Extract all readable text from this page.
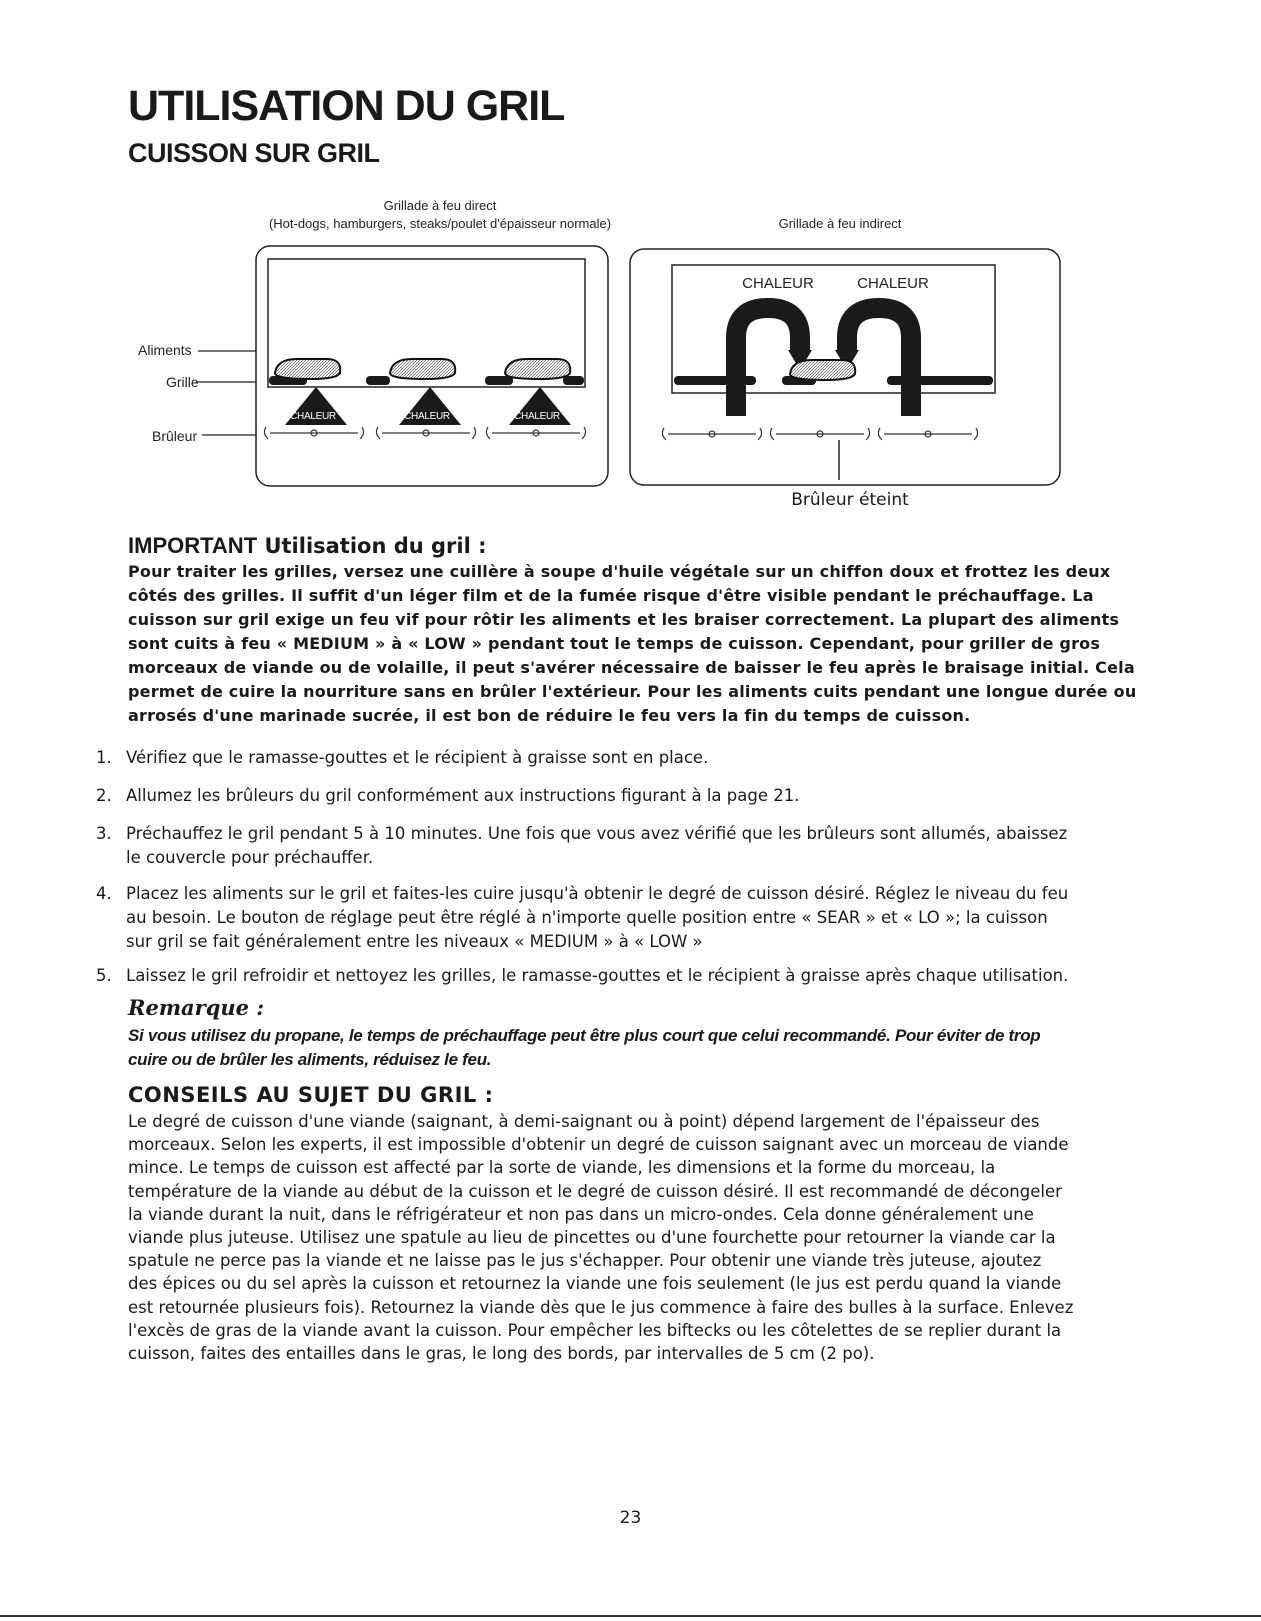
UTILISATION DU GRIL
CUISSON SUR GRIL
Grillade à feu direct
(Hot-dogs, hamburgers, steaks/poulet d'épaisseur normale)	Grillade à feu indirect
CHALEUR	CHALEUR	CHALEUR
Aliments
Grille
Brûleur
CHALEUR	CHALEUR
Brûleur éteint
IMPORTANT Utilisation du gril :

Pour traiter les grilles, versez une cuillère à soupe d'huile végétale sur un chiffon doux et frottez les deux

côtés des grilles. Il suffit d'un léger film et de la fumée risque d'être visible pendant le préchauffage. La

cuisson sur gril exige un feu vif pour rôtir les aliments et les braiser correctement. La plupart des aliments

sont cuits à feu « MEDIUM » à « LOW » pendant tout le temps de cuisson. Cependant, pour griller de gros

morceaux de viande ou de volaille, il peut s'avérer nécessaire de baisser le feu après le braisage initial. Cela

permet de cuire la nourriture sans en brûler l'extérieur. Pour les aliments cuits pendant une longue durée ou

arrosés d'une marinade sucrée, il est bon de réduire le feu vers la fin du temps de cuisson.

1. Vérifiez que le ramasse-gouttes et le récipient à graisse sont en place.
2. Allumez les brûleurs du gril conformément aux instructions figurant à la page 21.
3. Préchauffez le gril pendant 5 à 10 minutes. Une fois que vous avez vérifié que les brûleurs sont allumés, abaissez
le couvercle pour préchauffer.
4. Placez les aliments sur le gril et faites-les cuire jusqu'à obtenir le degré de cuisson désiré. Réglez le niveau du feu
au besoin. Le bouton de réglage peut être réglé à n'importe quelle position entre « SEAR » et « LO »; la cuisson
sur gril se fait généralement entre les niveaux « MEDIUM » à « LOW »
5. Laissez le gril refroidir et nettoyez les grilles, le ramasse-gouttes et le récipient à graisse après chaque utilisation.
Remarque :

Si vous utilisez du propane, le temps de préchauffage peut être plus court que celui recommandé. Pour éviter de trop

cuire ou de brûler les aliments, réduisez le feu.

CONSEILS AU SUJET DU GRIL :

Le degré de cuisson d'une viande (saignant, à demi-saignant ou à point) dépend largement de l'épaisseur des

morceaux. Selon les experts, il est impossible d'obtenir un degré de cuisson saignant avec un morceau de viande

mince. Le temps de cuisson est affecté par la sorte de viande, les dimensions et la forme du morceau, la

température de la viande au début de la cuisson et le degré de cuisson désiré. Il est recommandé de décongeler

la viande durant la nuit, dans le réfrigérateur et non pas dans un micro-ondes. Cela donne généralement une

viande plus juteuse. Utilisez une spatule au lieu de pincettes ou d'une fourchette pour retourner la viande car la

spatule ne perce pas la viande et ne laisse pas le jus s'échapper. Pour obtenir une viande très juteuse, ajoutez

des épices ou du sel après la cuisson et retournez la viande une fois seulement (le jus est perdu quand la viande

est retournée plusieurs fois). Retournez la viande dès que le jus commence à faire des bulles à la surface. Enlevez

l'excès de gras de la viande avant la cuisson. Pour empêcher les biftecks ou les côtelettes de se replier durant la

cuisson, faites des entailles dans le gras, le long des bords, par intervalles de 5 cm (2 po).

23
